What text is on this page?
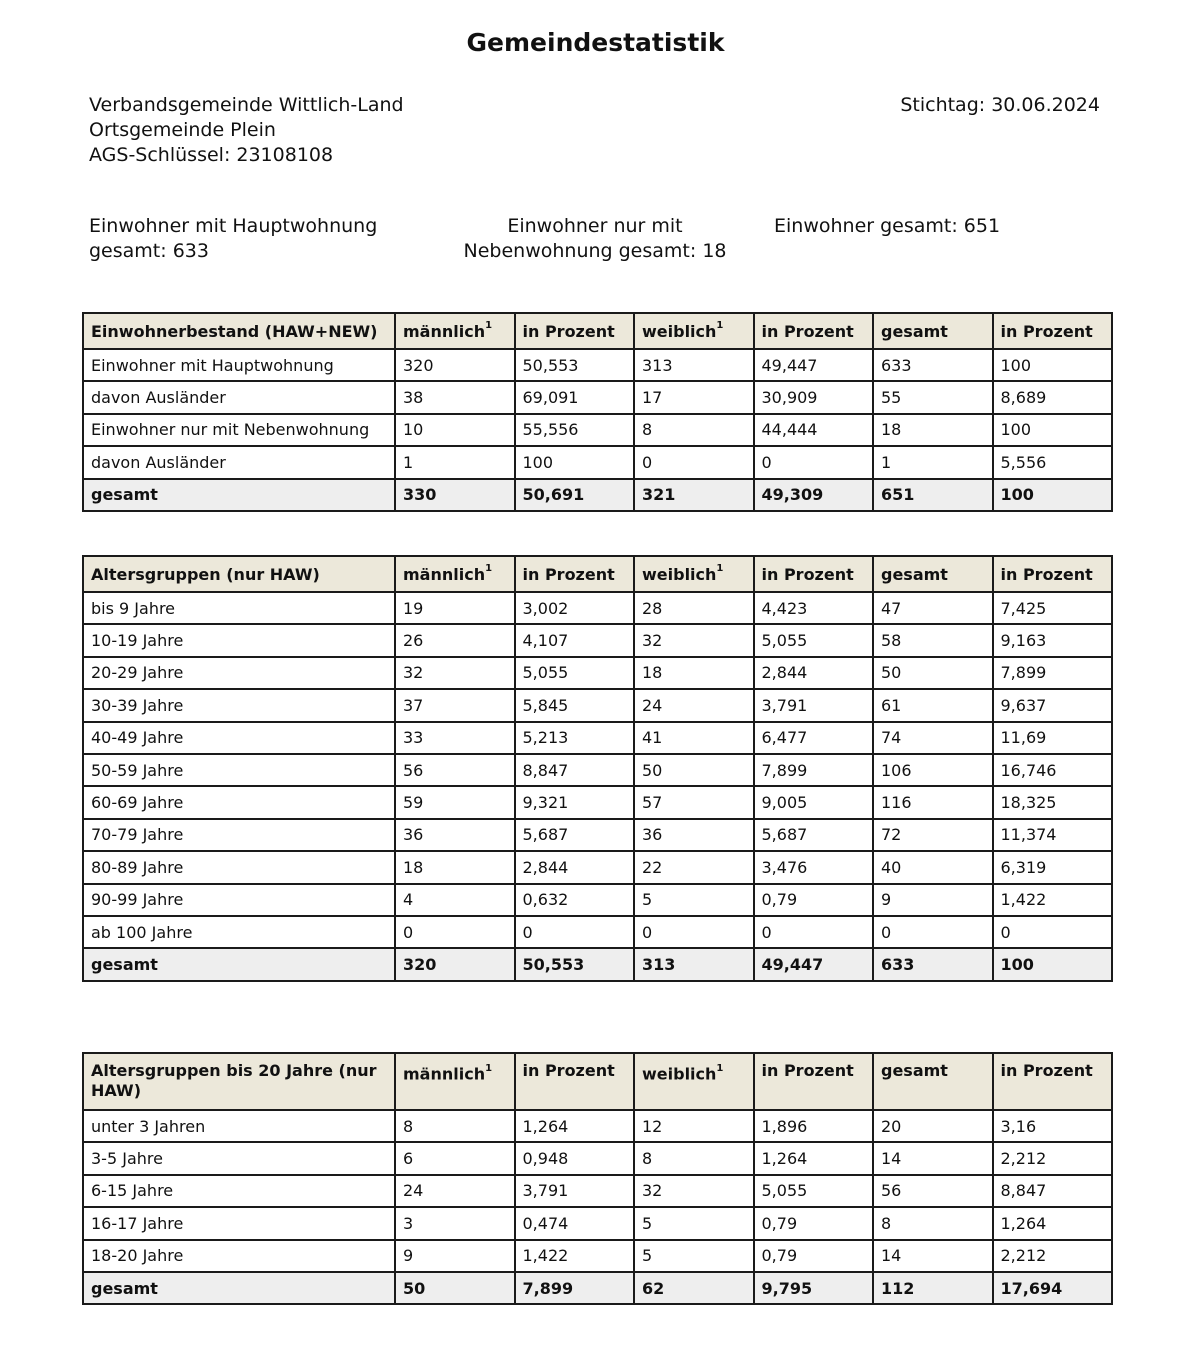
Gemeindestatistik
Verbandsgemeinde Wittlich-Land
Ortsgemeinde Plein
AGS-Schlüssel: 23108108
Stichtag: 30.06.2024
Einwohner mit Hauptwohnung gesamt: 633
Einwohner nur mit Nebenwohnung gesamt: 18
Einwohner gesamt: 651
Einwohnerbestand (HAW+NEW)	männlich$^1$	in Prozent	weiblich$^1$	in Prozent	gesamt	in Prozent
Einwohner mit Hauptwohnung	320	50,553	313	49,447	633	100
davon Ausländer	38	69,091	17	30,909	55	8,689
Einwohner nur mit Nebenwohnung	10	55,556	8	44,444	18	100
davon Ausländer	1	100	0	0	1	5,556
gesamt	330	50,691	321	49,309	651	100
Altersgruppen (nur HAW)	männlich$^1$	in Prozent	weiblich$^1$	in Prozent	gesamt	in Prozent
bis 9 Jahre	19	3,002	28	4,423	47	7,425
10-19 Jahre	26	4,107	32	5,055	58	9,163
20-29 Jahre	32	5,055	18	2,844	50	7,899
30-39 Jahre	37	5,845	24	3,791	61	9,637
40-49 Jahre	33	5,213	41	6,477	74	11,69
50-59 Jahre	56	8,847	50	7,899	106	16,746
60-69 Jahre	59	9,321	57	9,005	116	18,325
70-79 Jahre	36	5,687	36	5,687	72	11,374
80-89 Jahre	18	2,844	22	3,476	40	6,319
90-99 Jahre	4	0,632	5	0,79	9	1,422
ab 100 Jahre	0	0	0	0	0	0
gesamt	320	50,553	313	49,447	633	100
Altersgruppen bis 20 Jahre (nur HAW)	männlich$^1$	in Prozent	weiblich$^1$	in Prozent	gesamt	in Prozent
unter 3 Jahren	8	1,264	12	1,896	20	3,16
3-5 Jahre	6	0,948	8	1,264	14	2,212
6-15 Jahre	24	3,791	32	5,055	56	8,847
16-17 Jahre	3	0,474	5	0,79	8	1,264
18-20 Jahre	9	1,422	5	0,79	14	2,212
gesamt	50	7,899	62	9,795	112	17,694
